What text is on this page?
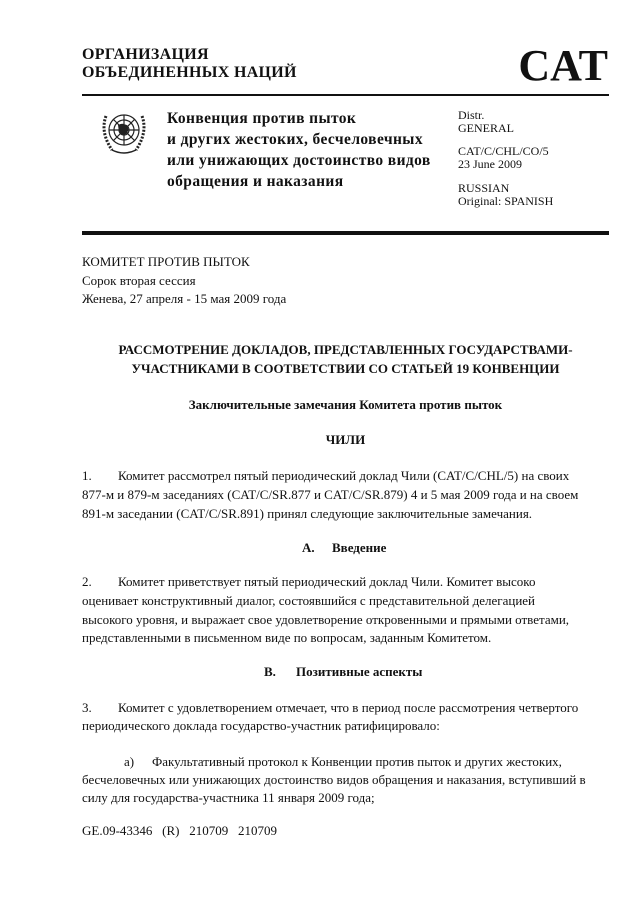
ОРГАНИЗАЦИЯ
ОБЪЕДИНЕННЫХ НАЦИЙ	CAT
Конвенция против пыток
и других жестоких, бесчеловечных
или унижающих достоинство видов
обращения и наказания
Distr.
GENERAL
CAT/C/CHL/CO/5
23 June 2009
RUSSIAN
Original: SPANISH
КОМИТЕТ ПРОТИВ ПЫТОК
Сорок вторая сессия
Женева, 27 апреля - 15 мая 2009 года
РАССМОТРЕНИЕ ДОКЛАДОВ, ПРЕДСТАВЛЕННЫХ ГОСУДАРСТВАМИ-
УЧАСТНИКАМИ В СООТВЕТСТВИИ СО СТАТЬЕЙ 19 КОНВЕНЦИИ
Заключительные замечания Комитета против пыток
ЧИЛИ
1. Комитет рассмотрел пятый периодический доклад Чили (CAT/C/CHL/5) на своих
877-м и 879-м заседаниях (CAT/C/SR.877 и CAT/C/SR.879) 4 и 5 мая 2009 года и на своем
891-м заседании (CAT/C/SR.891) принял следующие заключительные замечания.
A. Введение
2. Комитет приветствует пятый периодический доклад Чили. Комитет высоко
оценивает конструктивный диалог, состоявшийся с представительной делегацией
высокого уровня, и выражает свое удовлетворение откровенными и прямыми ответами,
представленными в письменном виде по вопросам, заданным Комитетом.
B. Позитивные аспекты
3. Комитет с удовлетворением отмечает, что в период после рассмотрения четвертого
периодического доклада государство-участник ратифицировало:
a) Факультативный протокол к Конвенции против пыток и других жестоких,
бесчеловечных или унижающих достоинство видов обращения и наказания, вступивший в
силу для государства-участника 11 января 2009 года;
GE.09-43346   (R)   210709   210709
